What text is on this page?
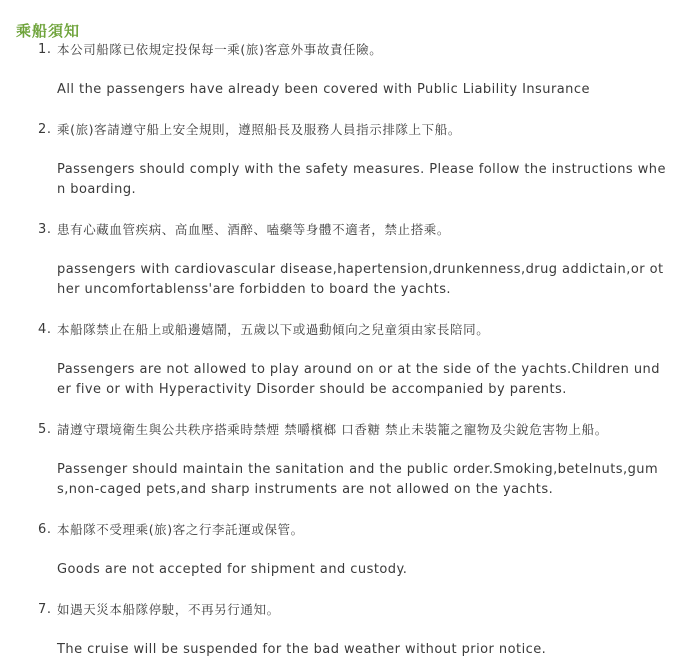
乘船須知
1. 本公司船隊已依規定投保每一乘(旅)客意外事故責任險。

All the passengers have already been covered with Public Liability Insurance

2. 乘(旅)客請遵守船上安全規則，遵照船長及服務人員指示排隊上下船。

Passengers should comply with the safety measures. Please follow the instructions when boarding.

3. 患有心藏血管疾病、高血壓、酒醉、嗑藥等身體不適者，禁止搭乘。

passengers with cardiovascular disease,hapertension,drunkenness,drug addictain,or other uncomfortablenss'are forbidden to board the yachts.

4. 本船隊禁止在船上或船邊嬉鬧，五歲以下或過動傾向之兒童須由家長陪同。

Passengers are not allowed to play around on or at the side of the yachts.Children under five or with Hyperactivity Disorder should be accompanied by parents.

5. 請遵守環境衛生與公共秩序搭乘時禁煙 禁嚼檳榔 口香糖 禁止未裝籠之寵物及尖銳危害物上船。

Passenger should maintain the sanitation and the public order.Smoking,betelnuts,gums,non-caged pets,and sharp instruments are not allowed on the yachts.

6. 本船隊不受理乘(旅)客之行李託運或保管。

Goods are not accepted for shipment and custody.

7. 如遇天災本船隊停駛，不再另行通知。

The cruise will be suspended for the bad weather without prior notice.
